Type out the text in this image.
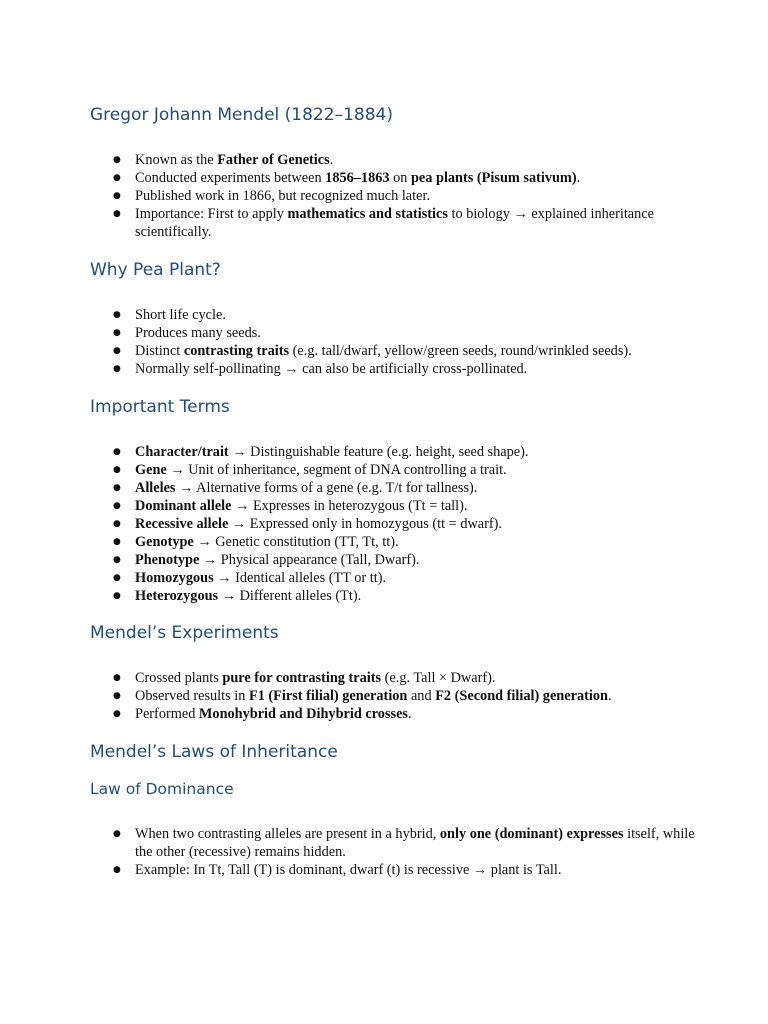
Gregor Johann Mendel (1822–1884)
● Known as the Father of Genetics.
● Conducted experiments between 1856–1863 on pea plants (Pisum sativum).
● Published work in 1866, but recognized much later.
● Importance: First to apply mathematics and statistics to biology → explained inheritance scientifically.
Why Pea Plant?
● Short life cycle.
● Produces many seeds.
● Distinct contrasting traits (e.g. tall/dwarf, yellow/green seeds, round/wrinkled seeds).
● Normally self-pollinating → can also be artificially cross-pollinated.
Important Terms
● Character/trait → Distinguishable feature (e.g. height, seed shape).
● Gene → Unit of inheritance, segment of DNA controlling a trait.
● Alleles → Alternative forms of a gene (e.g. T/t for tallness).
● Dominant allele → Expresses in heterozygous (Tt = tall).
● Recessive allele → Expressed only in homozygous (tt = dwarf).
● Genotype → Genetic constitution (TT, Tt, tt).
● Phenotype → Physical appearance (Tall, Dwarf).
● Homozygous → Identical alleles (TT or tt).
● Heterozygous → Different alleles (Tt).
Mendel’s Experiments
● Crossed plants pure for contrasting traits (e.g. Tall × Dwarf).
● Observed results in F1 (First filial) generation and F2 (Second filial) generation.
● Performed Monohybrid and Dihybrid crosses.
Mendel’s Laws of Inheritance
Law of Dominance
● When two contrasting alleles are present in a hybrid, only one (dominant) expresses itself, while the other (recessive) remains hidden.
● Example: In Tt, Tall (T) is dominant, dwarf (t) is recessive → plant is Tall.
